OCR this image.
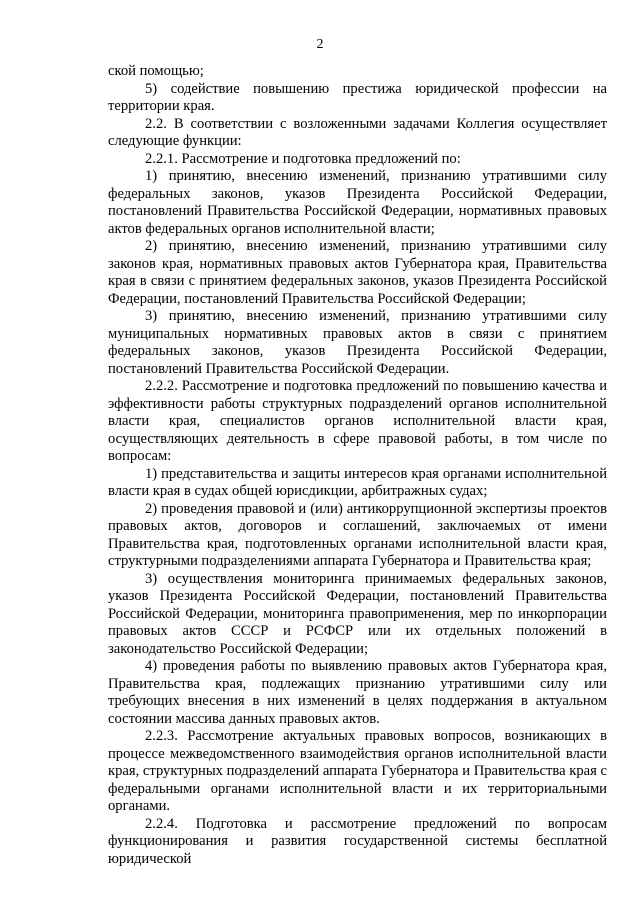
2

ской помощью;

5) содействие повышению престижа юридической профессии на территории края.

2.2. В соответствии с возложенными задачами Коллегия осуществляет следующие функции:

2.2.1. Рассмотрение и подготовка предложений по:

1) принятию, внесению изменений, признанию утратившими силу федеральных законов, указов Президента Российской Федерации, постановлений Правительства Российской Федерации, нормативных правовых актов федеральных органов исполнительной власти;

2) принятию, внесению изменений, признанию утратившими силу законов края, нормативных правовых актов Губернатора края, Правительства края в связи с принятием федеральных законов, указов Президента Российской Федерации, постановлений Правительства Российской Федерации;

3) принятию, внесению изменений, признанию утратившими силу муниципальных нормативных правовых актов в связи с принятием федеральных законов, указов Президента Российской Федерации, постановлений Правительства Российской Федерации.

2.2.2. Рассмотрение и подготовка предложений по повышению качества и эффективности работы структурных подразделений органов исполнительной власти края, специалистов органов исполнительной власти края, осуществляющих деятельность в сфере правовой работы, в том числе по вопросам:

1) представительства и защиты интересов края органами исполнительной власти края в судах общей юрисдикции, арбитражных судах;

2) проведения правовой и (или) антикоррупционной экспертизы проектов правовых актов, договоров и соглашений, заключаемых от имени Правительства края, подготовленных органами исполнительной власти края, структурными подразделениями аппарата Губернатора и Правительства края;

3) осуществления мониторинга принимаемых федеральных законов, указов Президента Российской Федерации, постановлений Правительства Российской Федерации, мониторинга правоприменения, мер по инкорпорации правовых актов СССР и РСФСР или их отдельных положений в законодательство Российской Федерации;

4) проведения работы по выявлению правовых актов Губернатора края, Правительства края, подлежащих признанию утратившими силу или требующих внесения в них изменений в целях поддержания в актуальном состоянии массива данных правовых актов.

2.2.3. Рассмотрение актуальных правовых вопросов, возникающих в процессе межведомственного взаимодействия органов исполнительной власти края, структурных подразделений аппарата Губернатора и Правительства края с федеральными органами исполнительной власти и их территориальными органами.

2.2.4. Подготовка и рассмотрение предложений по вопросам функционирования и развития государственной системы бесплатной юридической
